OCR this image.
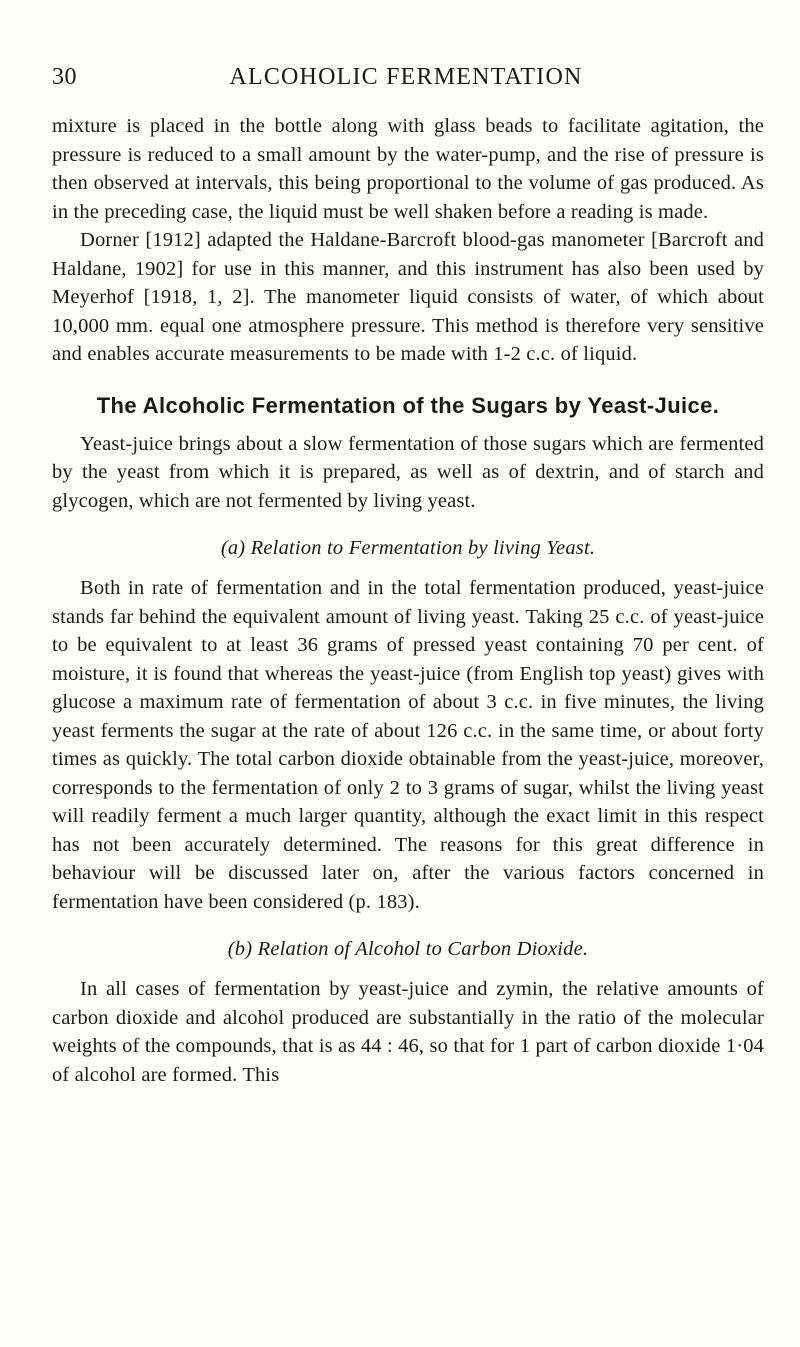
30	ALCOHOLIC FERMENTATION

mixture is placed in the bottle along with glass beads to facilitate agitation, the pressure is reduced to a small amount by the water-pump, and the rise of pressure is then observed at intervals, this being proportional to the volume of gas produced. As in the preceding case, the liquid must be well shaken before a reading is made.

Dorner [1912] adapted the Haldane-Barcroft blood-gas manometer [Barcroft and Haldane, 1902] for use in this manner, and this instrument has also been used by Meyerhof [1918, 1, 2]. The manometer liquid consists of water, of which about 10,000 mm. equal one atmosphere pressure. This method is therefore very sensitive and enables accurate measurements to be made with 1-2 c.c. of liquid.

The Alcoholic Fermentation of the Sugars by Yeast-Juice.

Yeast-juice brings about a slow fermentation of those sugars which are fermented by the yeast from which it is prepared, as well as of dextrin, and of starch and glycogen, which are not fermented by living yeast.

(a) Relation to Fermentation by living Yeast.

Both in rate of fermentation and in the total fermentation produced, yeast-juice stands far behind the equivalent amount of living yeast. Taking 25 c.c. of yeast-juice to be equivalent to at least 36 grams of pressed yeast containing 70 per cent. of moisture, it is found that whereas the yeast-juice (from English top yeast) gives with glucose a maximum rate of fermentation of about 3 c.c. in five minutes, the living yeast ferments the sugar at the rate of about 126 c.c. in the same time, or about forty times as quickly. The total carbon dioxide obtainable from the yeast-juice, moreover, corresponds to the fermentation of only 2 to 3 grams of sugar, whilst the living yeast will readily ferment a much larger quantity, although the exact limit in this respect has not been accurately determined. The reasons for this great difference in behaviour will be discussed later on, after the various factors concerned in fermentation have been considered (p. 183).

(b) Relation of Alcohol to Carbon Dioxide.

In all cases of fermentation by yeast-juice and zymin, the relative amounts of carbon dioxide and alcohol produced are substantially in the ratio of the molecular weights of the compounds, that is as 44 : 46, so that for 1 part of carbon dioxide 1·04 of alcohol are formed. This
